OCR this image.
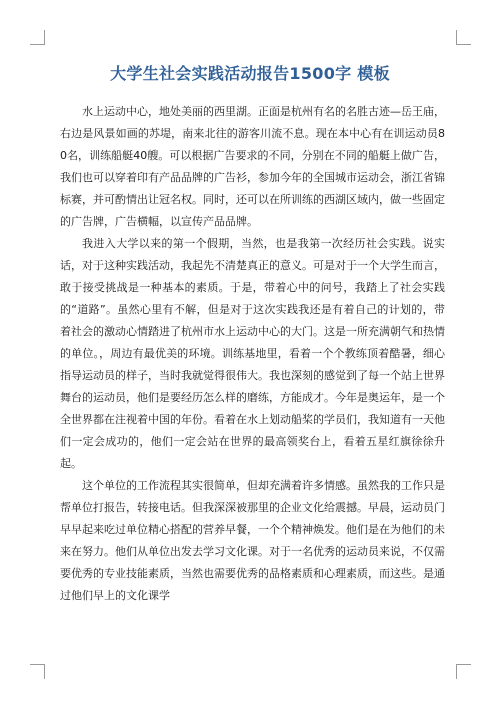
大学生社会实践活动报告1500字 模板

水上运动中心，地处美丽的西里湖。正面是杭州有名的名胜古迹—岳王庙，右边是风景如画的苏堤，南来北往的游客川流不息。现在本中心有在训运动员80名，训练船艇40艘。可以根据广告要求的不同，分别在不同的船艇上做广告，我们也可以穿着印有产品品牌的广告衫，参加今年的全国城市运动会，浙江省锦标赛，并可酌情出让冠名权。同时，还可以在所训练的西湖区域内，做一些固定的广告牌，广告横幅，以宣传产品品牌。

我进入大学以来的第一个假期，当然，也是我第一次经历社会实践。说实话，对于这种实践活动，我起先不清楚真正的意义。可是对于一个大学生而言，敢于接受挑战是一种基本的素质。于是，带着心中的问号，我踏上了社会实践的“道路”。虽然心里有不解，但是对于这次实践我还是有着自己的计划的，带着社会的激动心情踏进了杭州市水上运动中心的大门。这是一所充满朝气和热情的单位。，周边有最优美的环境。训练基地里，看着一个个教练顶着酷暑，细心指导运动员的样子，当时我就觉得很伟大。我也深刻的感觉到了每一个站上世界舞台的运动员，他们是要经历怎么样的磨练，方能成才。今年是奥运年，是一个全世界都在注视着中国的年份。看着在水上划动船桨的学员们，我知道有一天他们一定会成功的，他们一定会站在世界的最高领奖台上，看着五星红旗徐徐升起。

这个单位的工作流程其实很简单，但却充满着许多情感。虽然我的工作只是帮单位打报告，转接电话。但我深深被那里的企业文化给震撼。早晨，运动员门早早起来吃过单位精心搭配的营养早餐，一个个精神焕发。他们是在为他们的未来在努力。他们从单位出发去学习文化课。对于一名优秀的运动员来说，不仅需要优秀的专业技能素质，当然也需要优秀的品格素质和心理素质，而这些。是通过他们早上的文化课学
